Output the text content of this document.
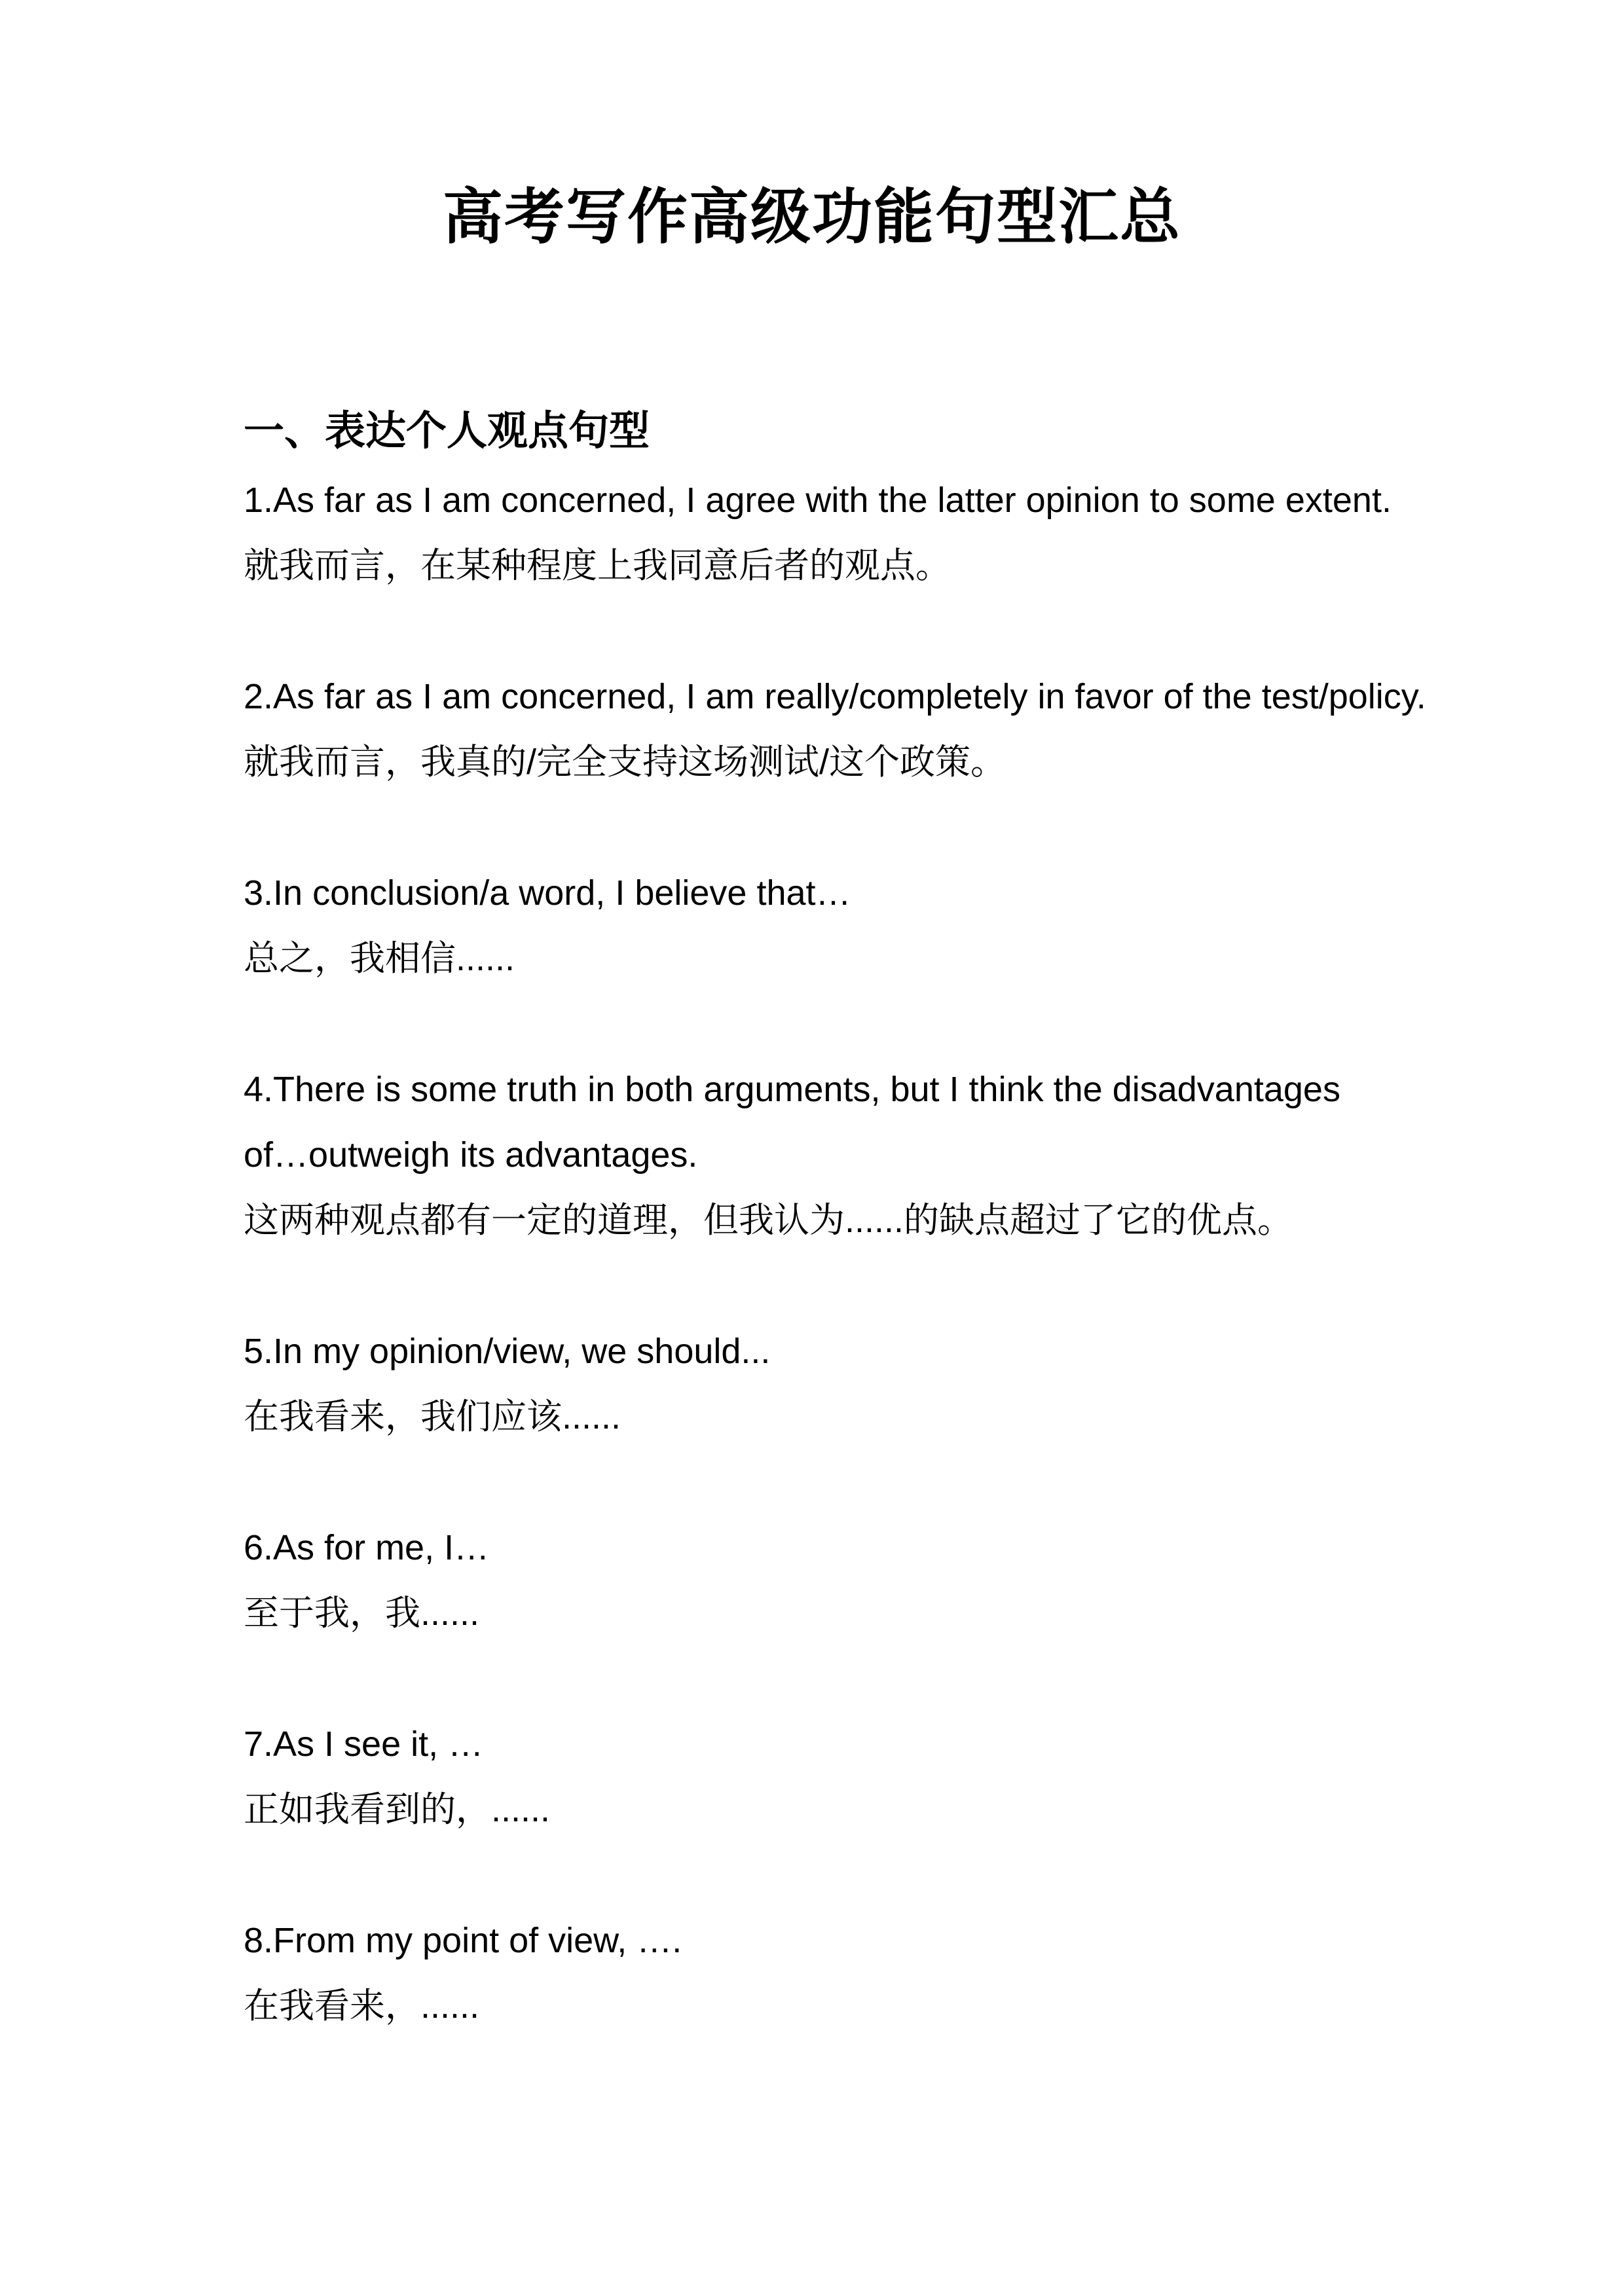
高考写作高级功能句型汇总
一、表达个人观点句型

1.As far as I am concerned, I agree with the latter opinion to some extent.

就我而言，在某种程度上我同意后者的观点。

2.As far as I am concerned, I am really/completely in favor of the test/policy.

就我而言，我真的/完全支持这场测试/这个政策。

3.In conclusion/a word, I believe that…

总之，我相信......

4.There is some truth in both arguments, but I think the disadvantages

of…outweigh its advantages.

这两种观点都有一定的道理，但我认为......的缺点超过了它的优点。

5.In my opinion/view, we should...

在我看来，我们应该......

6.As for me, I…

至于我，我......

7.As I see it, …

正如我看到的，......

8.From my point of view, ….

在我看来，......
